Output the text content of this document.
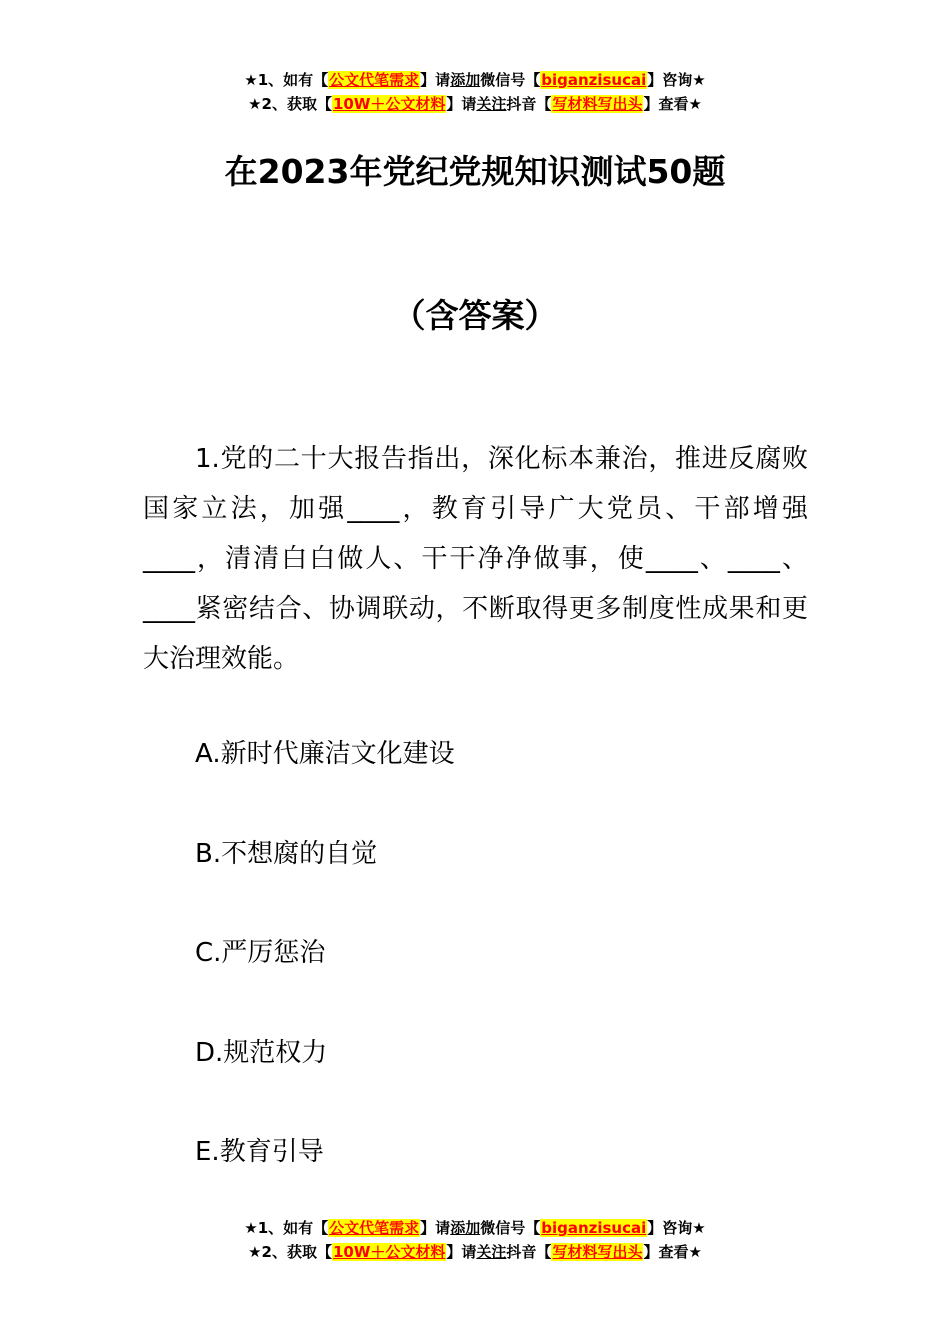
★1、如有【公文代笔需求】请添加微信号【biganzisucai】咨询★
★2、获取【10W＋公文材料】请关注抖音【写材料写出头】查看★
在2023年党纪党规知识测试50题
（含答案）
1.党的二十大报告指出，深化标本兼治，推进反腐败国家立法，加强____，教育引导广大党员、干部增强____，清清白白做人、干干净净做事，使____、____、____紧密结合、协调联动，不断取得更多制度性成果和更大治理效能。
A.新时代廉洁文化建设
B.不想腐的自觉
C.严厉惩治
D.规范权力
E.教育引导
★1、如有【公文代笔需求】请添加微信号【biganzisucai】咨询★
★2、获取【10W＋公文材料】请关注抖音【写材料写出头】查看★
